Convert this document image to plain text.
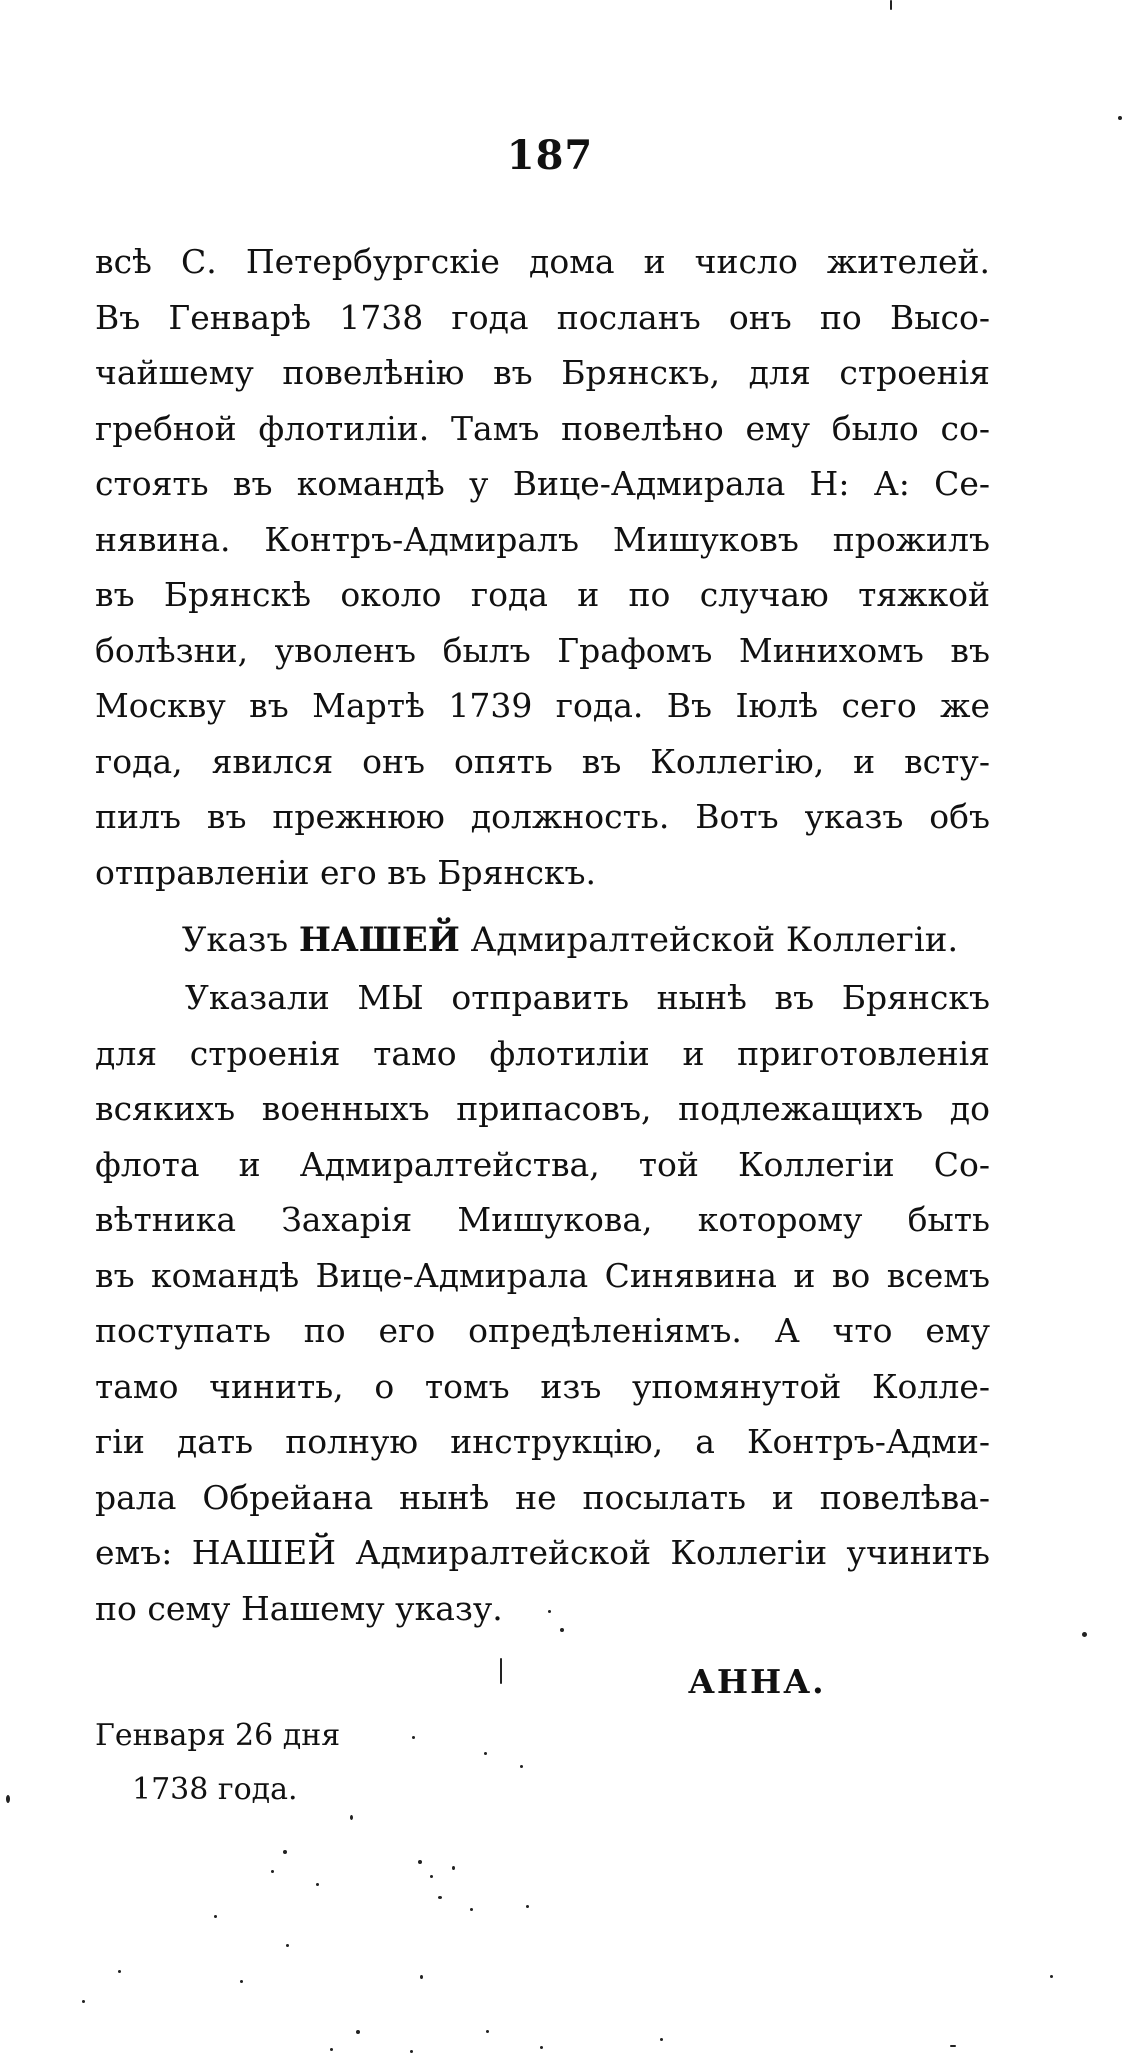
187
всѣ С. Петербургскіе дома и число жителей.
Въ Генварѣ 1738 года посланъ онъ по Высо-
чайшему повелѣнію въ Брянскъ, для строенія
гребной флотиліи. Тамъ повелѣно ему было со-
стоять въ командѣ у Вице-Адмирала Н: А: Се-
нявина. Контръ-Адмиралъ Мишуковъ прожилъ
въ Брянскѣ около года и по случаю тяжкой
болѣзни, уволенъ былъ Графомъ Минихомъ въ
Москву въ Мартѣ 1739 года. Въ Іюлѣ сего же
года, явился онъ опять въ Коллегію, и всту-
пилъ въ прежнюю должность. Вотъ указъ объ
отправленіи его въ Брянскъ.
Указъ НАШЕЙ Адмиралтейской Коллегіи.
Указали МЫ отправить нынѣ въ Брянскъ
для строенія тамо флотиліи и приготовленія
всякихъ военныхъ припасовъ, подлежащихъ до
флота и Адмиралтейства, той Коллегіи Со-
вѣтника Захарія Мишукова, которому быть
въ командѣ Вице-Адмирала Синявина и во всемъ
поступать по его опредѣленіямъ. А что ему
тамо чинить, о томъ изъ упомянутой Колле-
гіи дать полную инструкцію, а Контръ-Адми-
рала Обрейана нынѣ не посылать и повелѣва-
емъ: НАШЕЙ Адмиралтейской Коллегіи учинить
по сему Нашему указу.
АННА.
Генваря 26 дня
1738 года.
